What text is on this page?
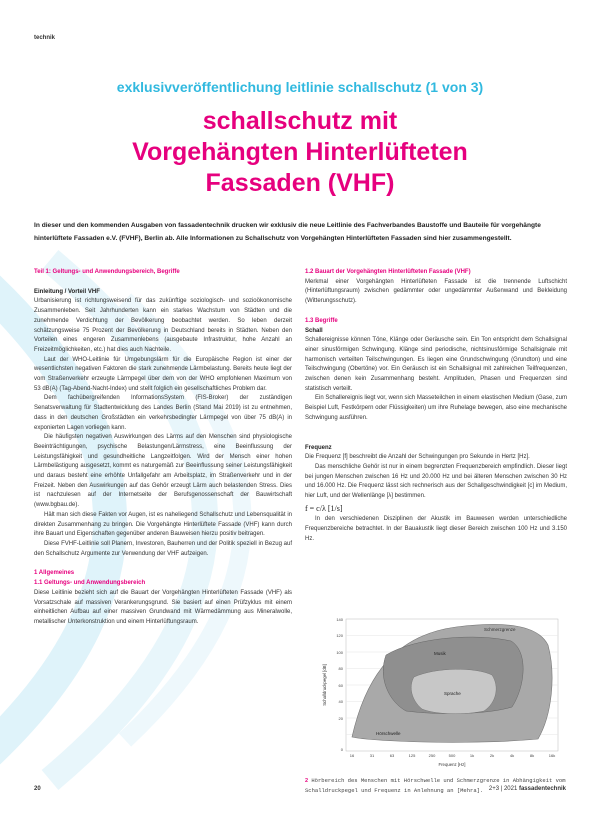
technik
exklusivveröffentlichung leitlinie schallschutz (1 von 3)
schallschutz mit
Vorgehängten Hinterlüfteten
Fassaden (VHF)
In dieser und den kommenden Ausgaben von fassadentechnik drucken wir exklusiv die neue Leitlinie des Fachverbandes Baustoffe und Bauteile für vorgehängte hinterlüftete Fassaden e.V. (FVHF), Berlin ab. Alle Informationen zu Schallschutz von Vorgehängten Hinterlüfteten Fassaden sind hier zusammengestellt.

Teil 1: Geltungs- und Anwendungsbereich, Begriffe

Einleitung / Vorteil VHF

Urbanisierung ist richtungsweisend für das zukünftige soziologisch- und sozioökonomische Zusammenleben. Seit Jahrhunderten kann ein starkes Wachstum von Städten und die zunehmende Verdichtung der Bevölkerung beobachtet werden. So leben derzeit schätzungsweise 75 Prozent der Bevölkerung in Deutschland bereits in Städten. Neben den Vorteilen eines engeren Zusammenlebens (ausgebaute Infrastruktur, hohe Anzahl an Freizeitmöglichkeiten, etc.) hat dies auch Nachteile.

Laut der WHO-Leitlinie für Umgebungslärm für die Europäische Region ist einer der wesentlichsten negativen Faktoren die stark zunehmende Lärmbelastung. Bereits heute liegt der vom Straßenverkehr erzeugte Lärmpegel über dem von der WHO empfohlenen Maximum von 53 dB(A) (Tag-Abend-Nacht-Index) und stellt folglich ein gesellschaftliches Problem dar.

Dem fachübergreifenden InformationsSystem (FIS-Broker) der zuständigen Senatsverwaltung für Stadtentwicklung des Landes Berlin (Stand Mai 2019) ist zu entnehmen, dass in den deutschen Großstädten ein verkehrsbedingter Lärmpegel von über 75 dB(A) in exponierten Lagen vorliegen kann.

Die häufigsten negativen Auswirkungen des Lärms auf den Menschen sind physiologische Beeinträchtigungen, psychische Belastungen/Lärmstress, eine Beeinflussung der Leistungsfähigkeit und gesundheitliche Langzeitfolgen. Wird der Mensch einer hohen Lärmbelästigung ausgesetzt, kommt es naturgemäß zur Beeinflussung seiner Leistungsfähigkeit und daraus besteht eine erhöhte Unfallgefahr am Arbeitsplatz, im Straßenverkehr und in der Freizeit. Neben den Auswirkungen auf das Gehör erzeugt Lärm auch belastenden Stress. Dies ist nachzulesen auf der Internetseite der Berufsgenossenschaft der Bauwirtschaft (www.bgbau.de).

Hält man sich diese Fakten vor Augen, ist es naheliegend Schallschutz und Lebensqualität in direkten Zusammenhang zu bringen. Die Vorgehängte Hinterlüftete Fassade (VHF) kann durch ihre Bauart und Eigenschaften gegenüber anderen Bauweisen hierzu positiv beitragen.

Diese FVHF-Leitlinie soll Planern, Investoren, Bauherren und der Politik speziell in Bezug auf den Schallschutz Argumente zur Verwendung der VHF aufzeigen.

1 Allgemeines

1.1 Geltungs- und Anwendungsbereich

Diese Leitlinie bezieht sich auf die Bauart der Vorgehängten Hinterlüfteten Fassade (VHF) als Vorsatzschale auf massiven Verankerungsgrund. Sie basiert auf einen Prüfzyklus mit einem einheitlichen Aufbau auf einer massiven Grundwand mit Wärmedämmung aus Mineralwolle, metallischer Unterkonstruktion und einem Hinterlüftungsraum.

1.2 Bauart der Vorgehängten Hinterlüfteten Fassade (VHF)

Merkmal einer Vorgehängten Hinterlüfteten Fassade ist die trennende Luftschicht (Hinterlüftungsraum) zwischen gedämmter oder ungedämmter Außenwand und Bekleidung (Witterungsschutz).

1.3 Begriffe

Schall

Schallereignisse können Töne, Klänge oder Geräusche sein. Ein Ton entspricht dem Schallsignal einer sinusförmigen Schwingung. Klänge sind periodische, nichtsinusförmige Schallsignale mit harmonisch verteilten Teilschwingungen. Es liegen eine Grundschwingung (Grundton) und eine Teilschwingung (Obertöne) vor. Ein Geräusch ist ein Schallsignal mit zahlreichen Teilfrequenzen, zwischen denen kein Zusammenhang besteht. Amplituden, Phasen und Frequenzen sind statistisch verteilt.

Ein Schallereignis liegt vor, wenn sich Masseteilchen in einem elastischen Medium (Gase, zum Beispiel Luft, Festkörpern oder Flüssigkeiten) um ihre Ruhelage bewegen, also eine mechanische Schwingung ausführen.

Frequenz

Die Frequenz [f] beschreibt die Anzahl der Schwingungen pro Sekunde in Hertz [Hz].

Das menschliche Gehör ist nur in einem begrenzten Frequenzbereich empfindlich. Dieser liegt bei jungen Menschen zwischen 16 Hz und 20.000 Hz und bei älteren Menschen zwischen 30 Hz und 16.000 Hz. Die Frequenz lässt sich rechnerisch aus der Schallgeschwindigkeit [c] im Medium, hier Luft, und der Wellenlänge [λ] bestimmen.

f = c/λ [1/s]

In den verschiedenen Disziplinen der Akustik im Bauwesen werden unterschiedliche Frequenzbereiche betrachtet. In der Bauakustik liegt dieser Bereich zwischen 100 Hz und 3.150 Hz.

Schmerzgrenze
Musik
Sprache
Hörschwelle
140
120
100
80
60
40
20
0
16	31	63	125	250	500	1k	2k	4k	8k	16k
Frequenz [Hz]
Schalldruckpegel [dB]
2 Hörbereich des Menschen mit Hörschwelle und Schmerzgrenze in Abhängigkeit vom Schalldruckpegel und Frequenz in Anlehnung an [Mehra].
20	2+3 | 2021 fassadentechnik
